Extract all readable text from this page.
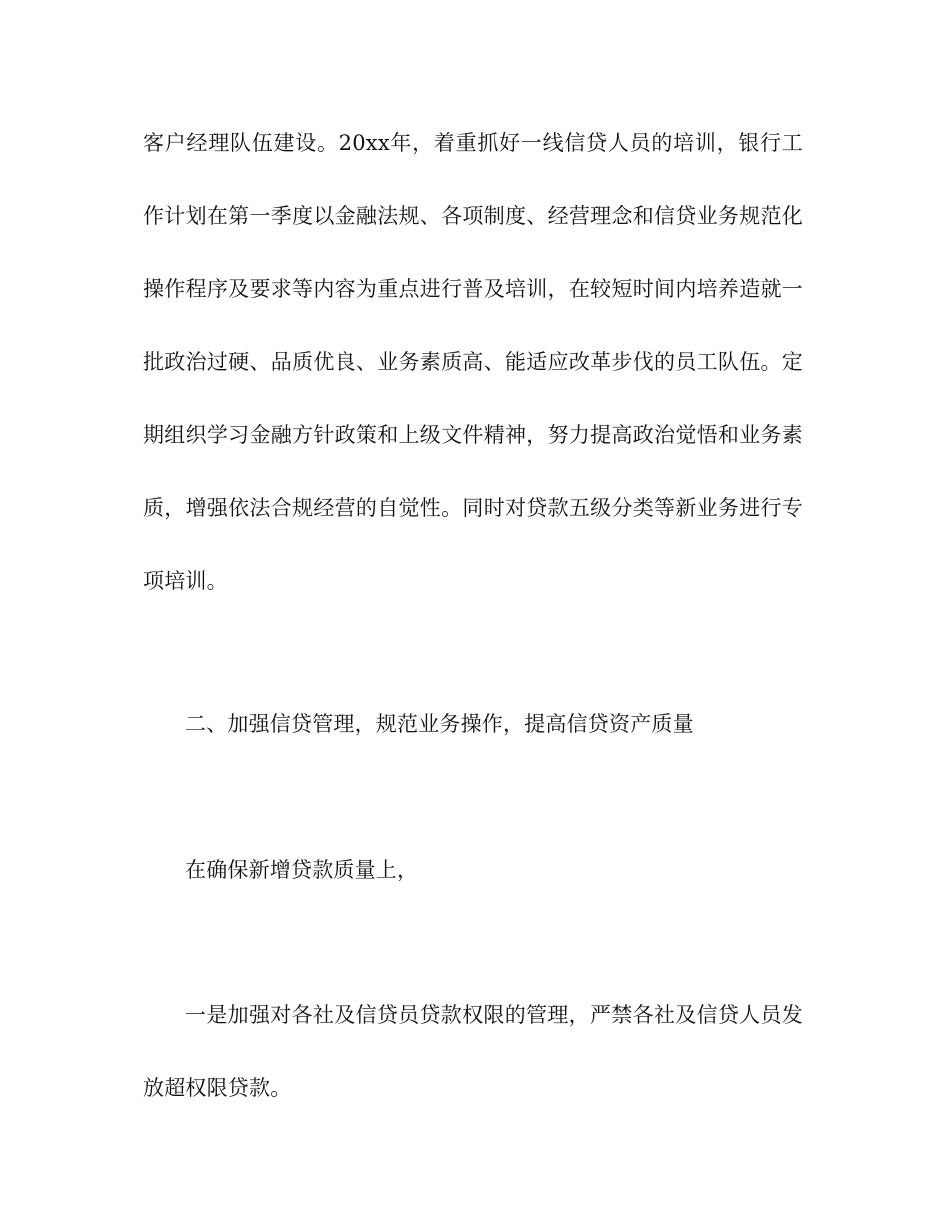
客户经理队伍建设。20xx年，着重抓好一线信贷人员的培训，银行工作计划在第一季度以金融法规、各项制度、经营理念和信贷业务规范化操作程序及要求等内容为重点进行普及培训，在较短时间内培养造就一批政治过硬、品质优良、业务素质高、能适应改革步伐的员工队伍。定期组织学习金融方针政策和上级文件精神，努力提高政治觉悟和业务素质，增强依法合规经营的自觉性。同时对贷款五级分类等新业务进行专项培训。

二、加强信贷管理，规范业务操作，提高信贷资产质量

在确保新增贷款质量上，

一是加强对各社及信贷员贷款权限的管理，严禁各社及信贷人员发放超权限贷款。
